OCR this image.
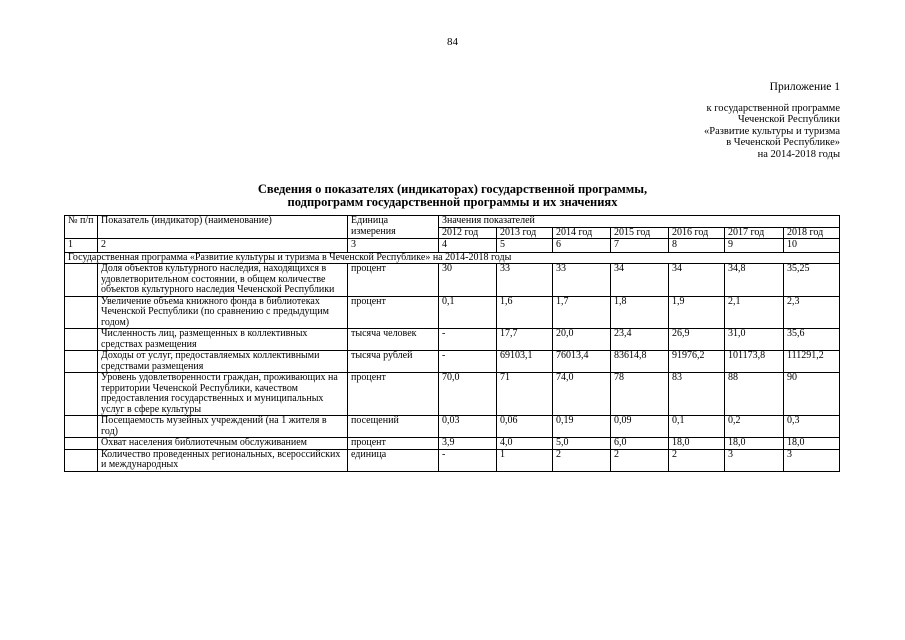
84
Приложение 1
к государственной программе
Чеченской Республики
«Развитие культуры и туризма
в Чеченской Республике»
на 2014-2018 годы
Сведения о показателях (индикаторах) государственной программы,
подпрограмм государственной программы и их значениях
№ п/п	Показатель (индикатор) (наименование)	Единица измерения	Значения показателей						
			2012 год	2013 год	2014 год	2015 год	2016 год	2017 год	2018 год
1	2	3	4	5	6	7	8	9	10
Государственная программа «Развитие культуры и туризма в Чеченской Республике» на 2014-2018 годы									
	Доля объектов культурного наследия, находящихся в удовлетворительном состоянии, в общем количестве объектов культурного наследия Чеченской Республики	процент	30	33	33	34	34	34,8	35,25
	Увеличение объема книжного фонда в библиотеках Чеченской Республики (по сравнению с предыдущим годом)	процент	0,1	1,6	1,7	1,8	1,9	2,1	2,3
	Численность лиц, размещенных в коллективных средствах размещения	тысяча человек	-	17,7	20,0	23,4	26,9	31,0	35,6
	Доходы от услуг, предоставляемых коллективными средствами размещения	тысяча рублей	-	69103,1	76013,4	83614,8	91976,2	101173,8	111291,2
	Уровень удовлетворенности граждан, проживающих на территории Чеченской Республики, качеством предоставления государственных и муниципальных услуг в сфере культуры	процент	70,0	71	74,0	78	83	88	90
	Посещаемость музейных учреждений (на 1 жителя в год)	посещений	0,03	0,06	0,19	0,09	0,1	0,2	0,3
	Охват населения библиотечным обслуживанием	процент	3,9	4,0	5,0	6,0	18,0	18,0	18,0
	Количество проведенных региональных, всероссийских и международных	единица	-	1	2	2	2	3	3
